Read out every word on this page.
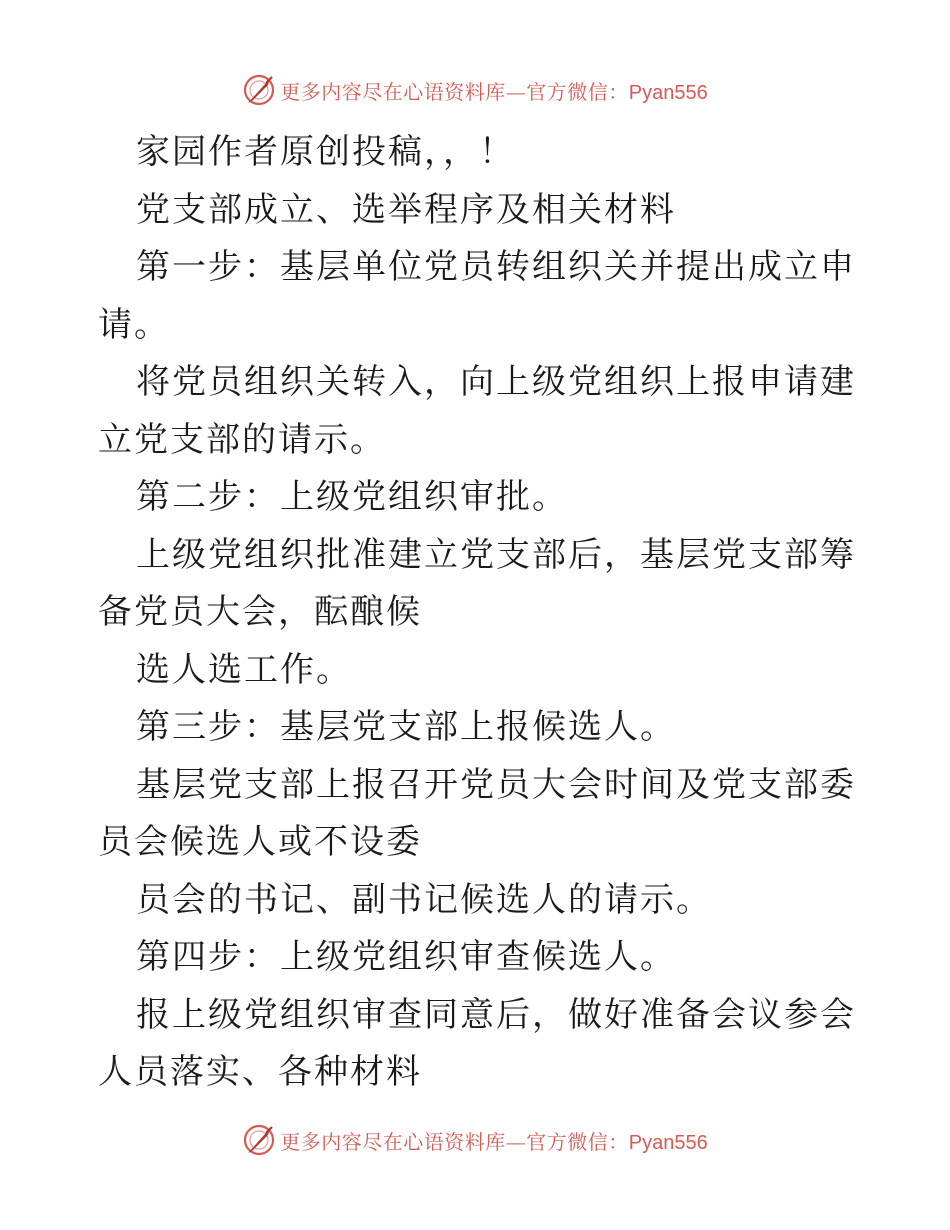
更多内容尽在心语资料库—官方微信：Pyan556

家园作者原创投稿，，！

党支部成立、选举程序及相关材料

第一步：基层单位党员转组织关并提出成立申请。

将党员组织关转入，向上级党组织上报申请建立党支部的请示。

第二步：上级党组织审批。

上级党组织批准建立党支部后，基层党支部筹备党员大会，酝酿候

选人选工作。

第三步：基层党支部上报候选人。

基层党支部上报召开党员大会时间及党支部委员会候选人或不设委

员会的书记、副书记候选人的请示。

第四步：上级党组织审查候选人。

报上级党组织审查同意后，做好准备会议参会人员落实、各种材料

更多内容尽在心语资料库—官方微信：Pyan556
